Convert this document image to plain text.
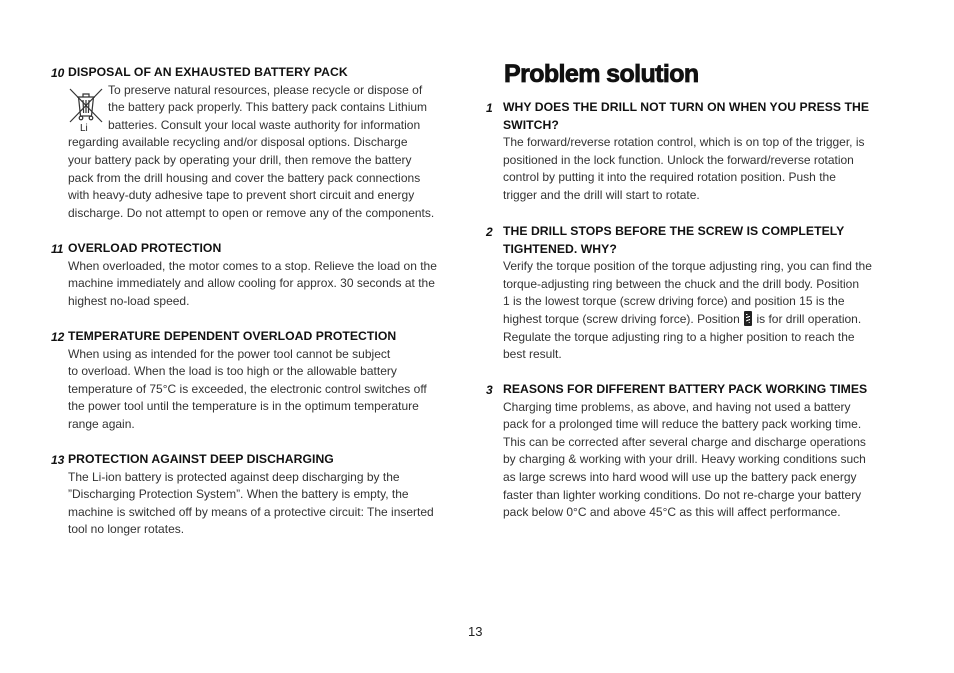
10 DISPOSAL OF AN EXHAUSTED BATTERY PACK
To preserve natural resources, please recycle or dispose of
the battery pack properly. This battery pack contains Lithium
batteries. Consult your local waste authority for information
regarding available recycling and/or disposal options. Discharge
your battery pack by operating your drill, then remove the battery
pack from the drill housing and cover the battery pack connections
with heavy-duty adhesive tape to prevent short circuit and energy
discharge. Do not attempt to open or remove any of the components.
11 OVERLOAD PROTECTION
When overloaded, the motor comes to a stop. Relieve the load on the
machine immediately and allow cooling for approx. 30 seconds at the
highest no-load speed.
12 TEMPERATURE DEPENDENT OVERLOAD PROTECTION
When using as intended for the power tool cannot be subject
to overload. When the load is too high or the allowable battery
temperature of 75°C is exceeded, the electronic control switches off
the power tool until the temperature is in the optimum temperature
range again.
13 PROTECTION AGAINST DEEP DISCHARGING
The Li-ion battery is protected against deep discharging by the
”Discharging Protection System”. When the battery is empty, the
machine is switched off by means of a protective circuit: The inserted
tool no longer rotates.
Li
Problem solution
1 WHY DOES THE DRILL NOT TURN ON WHEN YOU PRESS THE
SWITCH?
The forward/reverse rotation control, which is on top of the trigger, is
positioned in the lock function. Unlock the forward/reverse rotation
control by putting it into the required rotation position. Push the
trigger and the drill will start to rotate.
2 THE DRILL STOPS BEFORE THE SCREW IS COMPLETELY
TIGHTENED. WHY?
Verify the torque position of the torque adjusting ring, you can find the
torque-adjusting ring between the chuck and the drill body. Position
1 is the lowest torque (screw driving force) and position 15 is the
highest torque (screw driving force). Position is for drill operation.
Regulate the torque adjusting ring to a higher position to reach the
best result.
3 REASONS FOR DIFFERENT BATTERY PACK WORKING TIMES
Charging time problems, as above, and having not used a battery
pack for a prolonged time will reduce the battery pack working time.
This can be corrected after several charge and discharge operations
by charging & working with your drill. Heavy working conditions such
as large screws into hard wood will use up the battery pack energy
faster than lighter working conditions. Do not re-charge your battery
pack below 0°C and above 45°C as this will affect performance.
13
